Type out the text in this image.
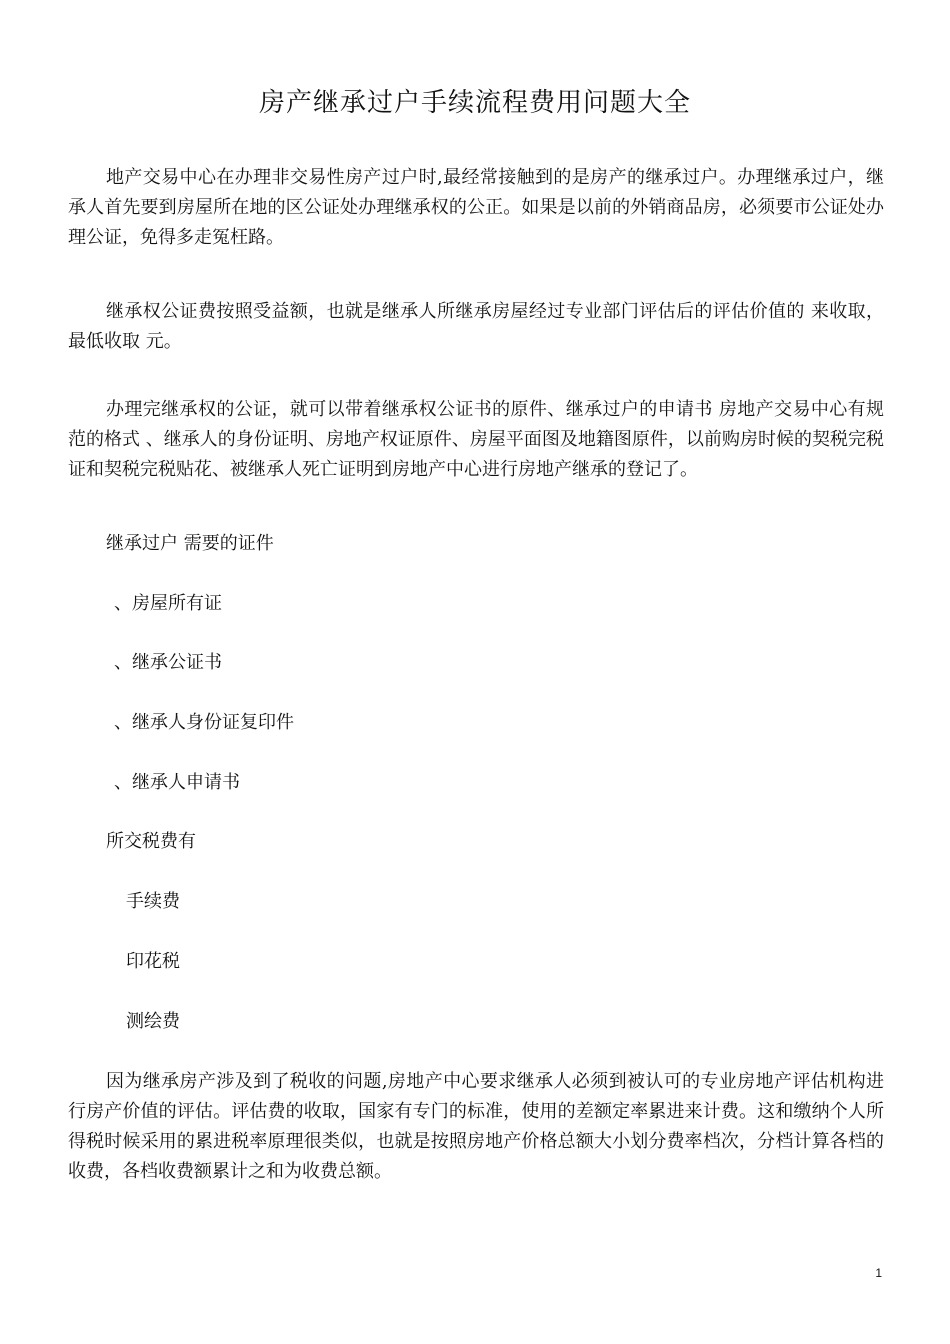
房产继承过户手续流程费用问题大全

地产交易中心在办理非交易性房产过户时,最经常接触到的是房产的继承过户。办理继承过户，继承人首先要到房屋所在地的区公证处办理继承权的公正。如果是以前的外销商品房，必须要市公证处办理公证，免得多走冤枉路。

继承权公证费按照受益额，也就是继承人所继承房屋经过专业部门评估后的评估价值的 来收取，最低收取 元。

办理完继承权的公证，就可以带着继承权公证书的原件、继承过户的申请书 房地产交易中心有规范的格式 、继承人的身份证明、房地产权证原件、房屋平面图及地籍图原件，以前购房时候的契税完税证和契税完税贴花、被继承人死亡证明到房地产中心进行房地产继承的登记了。

继承过户 需要的证件
、房屋所有证
、继承公证书
、继承人身份证复印件
、继承人申请书
所交税费有
手续费
印花税
测绘费

因为继承房产涉及到了税收的问题,房地产中心要求继承人必须到被认可的专业房地产评估机构进行房产价值的评估。评估费的收取，国家有专门的标准，使用的差额定率累进来计费。这和缴纳个人所得税时候采用的累进税率原理很类似，也就是按照房地产价格总额大小划分费率档次，分档计算各档的收费，各档收费额累计之和为收费总额。

1
